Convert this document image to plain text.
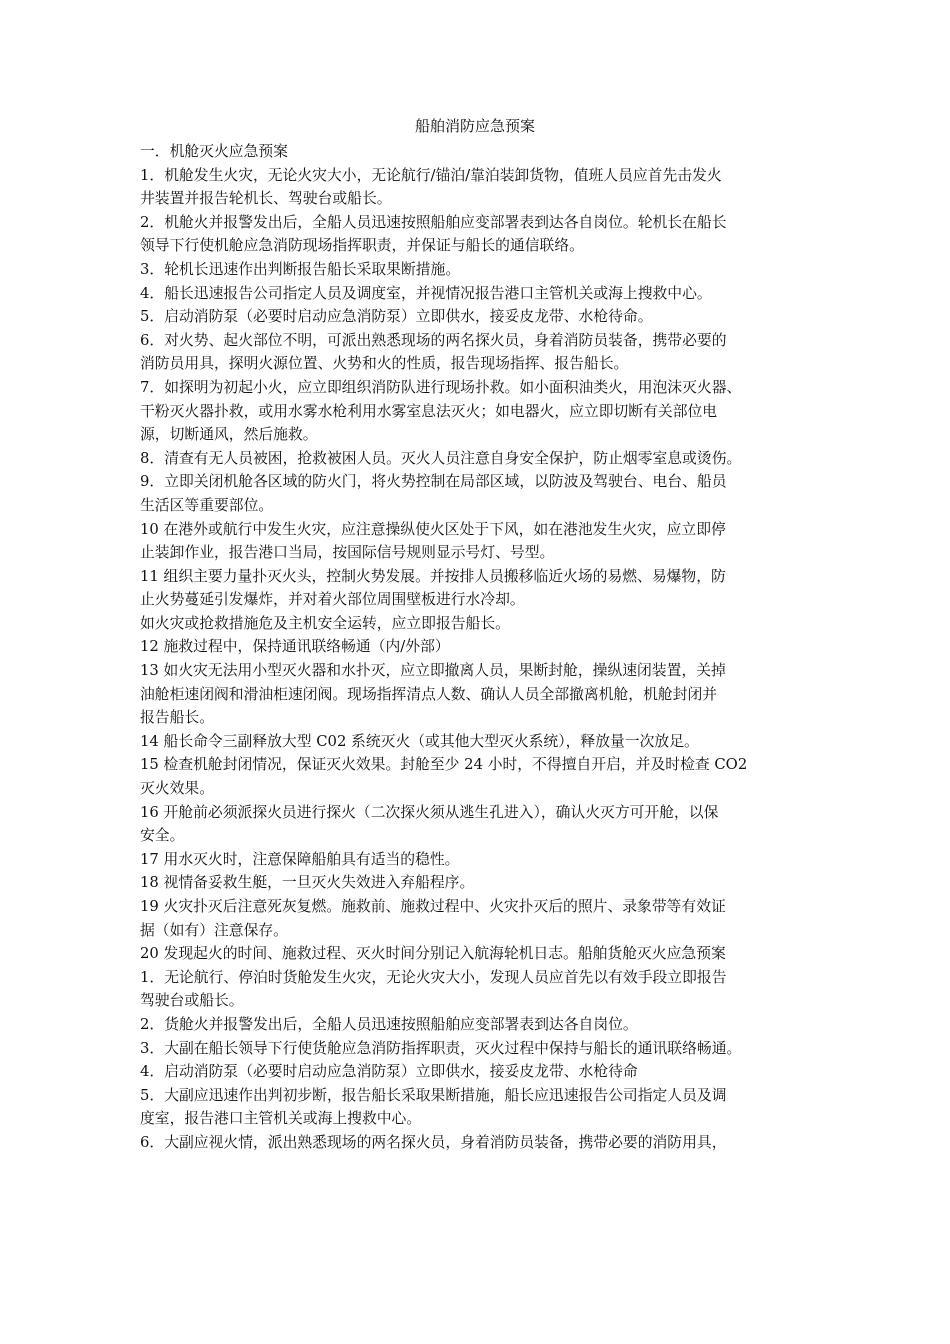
船舶消防应急预案

一．机舱灭火应急预案

1．机舱发生火灾，无论火灾大小，无论航行/锚泊/靠泊装卸货物，值班人员应首先击发火
井装置并报告轮机长、驾驶台或船长。

2．机舱火并报警发出后，全船人员迅速按照船舶应变部署表到达各自岗位。轮机长在船长
领导下行使机舱应急消防现场指挥职责，并保证与船长的通信联络。

3．轮机长迅速作出判断报告船长采取果断措施。

4．船长迅速报告公司指定人员及调度室，并视情况报告港口主管机关或海上搜救中心。

5．启动消防泵（必要时启动应急消防泵）立即供水，接妥皮龙带、水枪待命。

6．对火势、起火部位不明，可派出熟悉现场的两名探火员，身着消防员装备，携带必要的
消防员用具，探明火源位置、火势和火的性质，报告现场指挥、报告船长。

7．如探明为初起小火，应立即组织消防队进行现场扑救。如小面积油类火，用泡沫灭火器、
干粉灭火器扑救，或用水雾水枪利用水雾室息法灭火；如电器火，应立即切断有关部位电
源，切断通风，然后施救。

8．清查有无人员被困，抢救被困人员。灭火人员注意自身安全保护，防止烟零室息或烫伤。

9．立即关闭机舱各区域的防火门，将火势控制在局部区域，以防波及驾驶台、电台、船员
生活区等重要部位。

10 在港外或航行中发生火灾，应注意操纵使火区处于下风，如在港池发生火灾，应立即停
止装卸作业，报告港口当局，按国际信号规则显示号灯、号型。

11 组织主要力量扑灭火头，控制火势发展。并按排人员搬移临近火场的易燃、易爆物，防
止火势蔓延引发爆炸，并对着火部位周围壁板进行水冷却。

如火灾或抢救措施危及主机安全运转，应立即报告船长。

12 施救过程中，保持通讯联络畅通（内/外部）

13 如火灾无法用小型灭火器和水扑灭，应立即撤离人员，果断封舱，操纵速闭装置，关掉
油舱柜速闭阀和滑油柜速闭阀。现场指挥清点人数、确认人员全部撤离机舱，机舱封闭并
报告船长。

14 船长命令三副释放大型 C02 系统灭火（或其他大型灭火系统），释放量一次放足。

15 检查机舱封闭情况，保证灭火效果。封舱至少 24 小时，不得擅自开启，并及时检查 CO2
灭火效果。

16 开舱前必须派探火员进行探火（二次探火须从逃生孔进入），确认火灭方可开舱，以保
安全。

17 用水灭火时，注意保障船舶具有适当的稳性。

18 视情备妥救生艇，一旦灭火失效进入弃船程序。

19 火灾扑灭后注意死灰复燃。施救前、施救过程中、火灾扑灭后的照片、录象带等有效证
据（如有）注意保存。

20 发现起火的时间、施救过程、灭火时间分别记入航海轮机日志。船舶货舱灭火应急预案

1．无论航行、停泊时货舱发生火灾，无论火灾大小，发现人员应首先以有效手段立即报告
驾驶台或船长。

2．货舱火并报警发出后，全船人员迅速按照船舶应变部署表到达各自岗位。

3．大副在船长领导下行使货舱应急消防指挥职责，灭火过程中保持与船长的通讯联络畅通。

4．启动消防泵（必要时启动应急消防泵）立即供水，接妥皮龙带、水枪待命

5．大副应迅速作出判初步断，报告船长采取果断措施，船长应迅速报告公司指定人员及调
度室，报告港口主管机关或海上搜救中心。

6．大副应视火情，派出熟悉现场的两名探火员，身着消防员装备，携带必要的消防用具，
